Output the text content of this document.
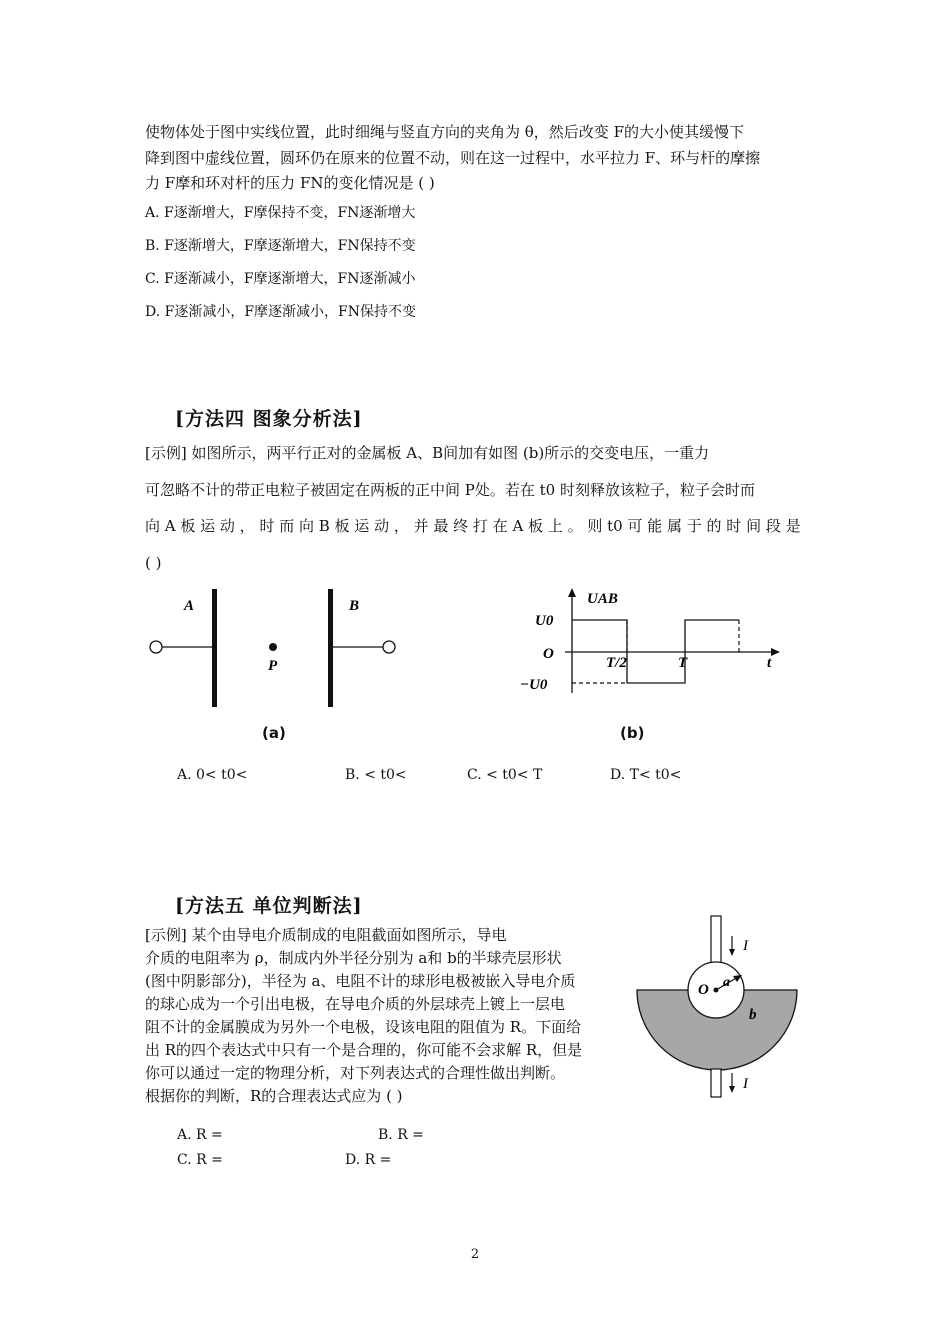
使物体处于图中实线位置，此时细绳与竖直方向的夹角为 θ，然后改变 F的大小使其缓慢下

降到图中虚线位置，圆环仍在原来的位置不动，则在这一过程中，水平拉力 F、环与杆的摩擦

力 F摩和环对杆的压力 FN的变化情况是 ( )

A. F逐渐增大，F摩保持不变，FN逐渐增大

B. F逐渐增大，F摩逐渐增大，FN保持不变

C. F逐渐减小，F摩逐渐增大，FN逐渐减小

D. F逐渐减小，F摩逐渐减小，FN保持不变

[方法四 图象分析法]

[示例] 如图所示，两平行正对的金属板 A、B间加有如图 (b)所示的交变电压，一重力

可忽略不计的带正电粒子被固定在两板的正中间 P处。若在 t0 时刻释放该粒子，粒子会时而

向 A 板 运 动 ， 时 而 向 B 板 运 动 ， 并 最 终 打 在 A 板 上 。 则 t0 可 能 属 于 的 时 间 段 是

( )

A	B
P
(a)
UAB
U0
O
−U0
T/2	T	t
(b)

A. 0< t0<	B. < t0<	C. < t0< T	D. T< t0<

[方法五 单位判断法]

[示例] 某个由导电介质制成的电阻截面如图所示，导电

介质的电阻率为 ρ，制成内外半径分别为 a和 b的半球壳层形状

(图中阴影部分)，半径为 a、电阻不计的球形电极被嵌入导电介质

的球心成为一个引出电极，在导电介质的外层球壳上镀上一层电

阻不计的金属膜成为另外一个电极，设该电阻的阻值为 R。下面给

出 R的四个表达式中只有一个是合理的，你可能不会求解 R，但是

你可以通过一定的物理分析，对下列表达式的合理性做出判断。

根据你的判断，R的合理表达式应为 ( )

I
I
O a
b

A. R =	B. R =

C. R =	D. R =

2
